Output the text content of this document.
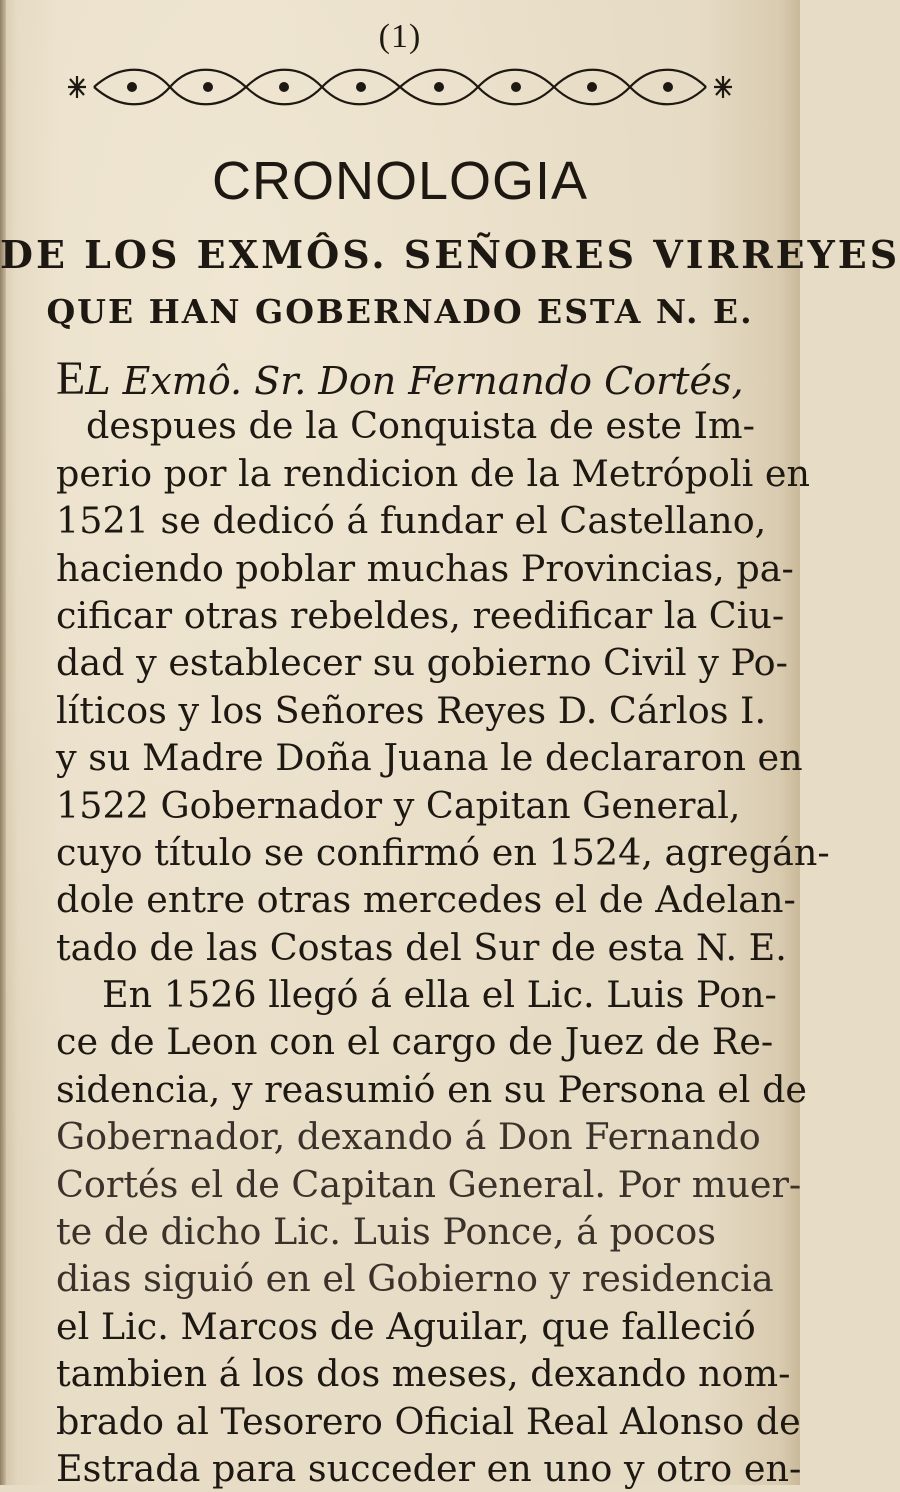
(1)
CRONOLOGIA
DE LOS EXMÔS. SEÑORES VIRREYES
QUE HAN GOBERNADO ESTA N. E.
EL Exmô. Sr. Don Fernando Cortés,
despues de la Conquista de este Im-
perio por la rendicion de la Metrópoli en
1521 se dedicó á fundar el Castellano,
haciendo poblar muchas Provincias, pa-
cificar otras rebeldes, reedificar la Ciu-
dad y establecer su gobierno Civil y Po-
líticos y los Señores Reyes D. Cárlos I.
y su Madre Doña Juana le declararon en
1522 Gobernador y Capitan General,
cuyo título se confirmó en 1524, agregán-
dole entre otras mercedes el de Adelan-
tado de las Costas del Sur de esta N. E.
En 1526 llegó á ella el Lic. Luis Pon-
ce de Leon con el cargo de Juez de Re-
sidencia, y reasumió en su Persona el de
Gobernador, dexando á Don Fernando
Cortés el de Capitan General. Por muer-
te de dicho Lic. Luis Ponce, á pocos
dias siguió en el Gobierno y residencia
el Lic. Marcos de Aguilar, que falleció
tambien á los dos meses, dexando nom-
brado al Tesorero Oficial Real Alonso de
Estrada para succeder en uno y otro en-
